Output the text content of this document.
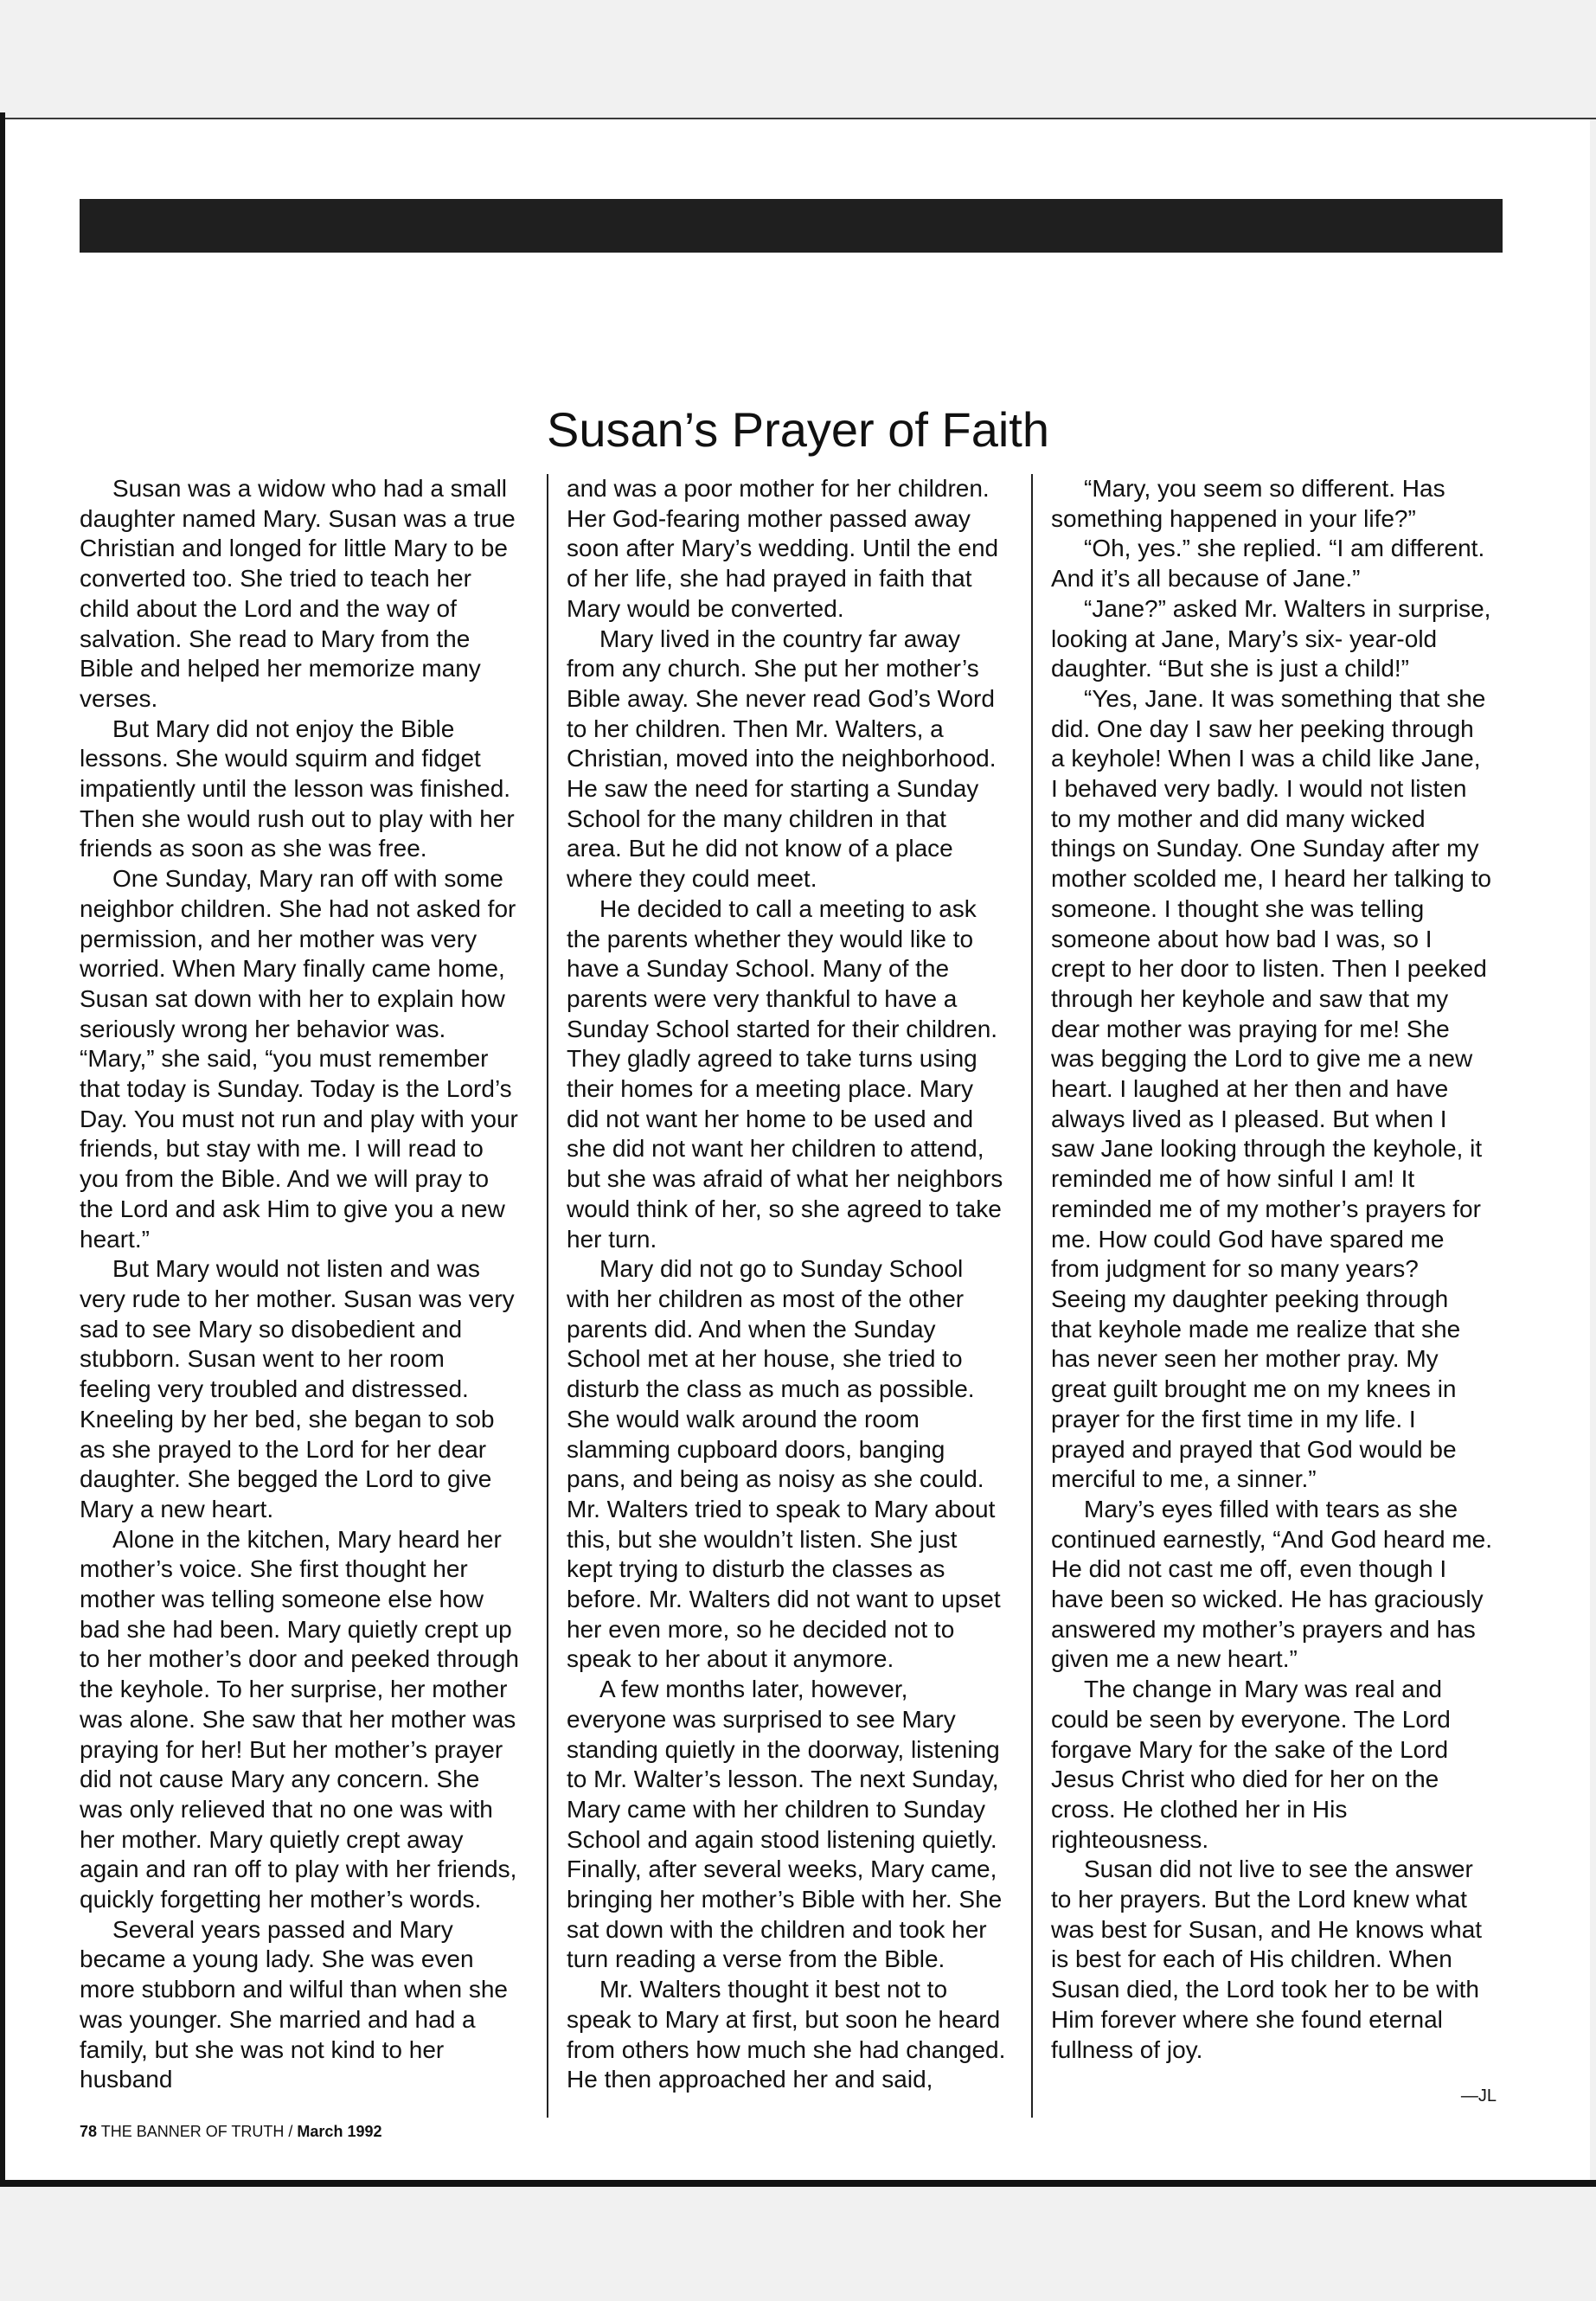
Susan’s Prayer of Faith

Susan was a widow who had a small daughter named Mary. Susan was a true Christian and longed for little Mary to be converted too. She tried to teach her child about the Lord and the way of salvation. She read to Mary from the Bible and helped her memorize many verses.

But Mary did not enjoy the Bible lessons. She would squirm and fidget impatiently until the lesson was finished. Then she would rush out to play with her friends as soon as she was free.

One Sunday, Mary ran off with some neighbor children. She had not asked for permission, and her mother was very worried. When Mary finally came home, Susan sat down with her to explain how seriously wrong her behavior was. “Mary,” she said, “you must remember that today is Sunday. Today is the Lord’s Day. You must not run and play with your friends, but stay with me. I will read to you from the Bible. And we will pray to the Lord and ask Him to give you a new heart.”

But Mary would not listen and was very rude to her mother. Susan was very sad to see Mary so disobedient and stubborn. Susan went to her room feeling very troubled and distressed. Kneeling by her bed, she began to sob as she prayed to the Lord for her dear daughter. She begged the Lord to give Mary a new heart.

Alone in the kitchen, Mary heard her mother’s voice. She first thought her mother was telling someone else how bad she had been. Mary quietly crept up to her mother’s door and peeked through the keyhole. To her surprise, her mother was alone. She saw that her mother was praying for her! But her mother’s prayer did not cause Mary any concern. She was only relieved that no one was with her mother. Mary quietly crept away again and ran off to play with her friends, quickly forgetting her mother’s words.

Several years passed and Mary became a young lady. She was even more stubborn and wilful than when she was younger. She married and had a family, but she was not kind to her husband

and was a poor mother for her children. Her God-fearing mother passed away soon after Mary’s wedding. Until the end of her life, she had prayed in faith that Mary would be converted.

Mary lived in the country far away from any church. She put her mother’s Bible away. She never read God’s Word to her children. Then Mr. Walters, a Christian, moved into the neighborhood. He saw the need for starting a Sunday School for the many children in that area. But he did not know of a place where they could meet.

He decided to call a meeting to ask the parents whether they would like to have a Sunday School. Many of the parents were very thankful to have a Sunday School started for their children. They gladly agreed to take turns using their homes for a meeting place. Mary did not want her home to be used and she did not want her children to attend, but she was afraid of what her neighbors would think of her, so she agreed to take her turn.

Mary did not go to Sunday School with her children as most of the other parents did. And when the Sunday School met at her house, she tried to disturb the class as much as possible. She would walk around the room slamming cupboard doors, banging pans, and being as noisy as she could. Mr. Walters tried to speak to Mary about this, but she wouldn’t listen. She just kept trying to disturb the classes as before. Mr. Walters did not want to upset her even more, so he decided not to speak to her about it anymore.

A few months later, however, everyone was surprised to see Mary standing quietly in the doorway, listening to Mr. Walter’s lesson. The next Sunday, Mary came with her children to Sunday School and again stood listening quietly. Finally, after several weeks, Mary came, bringing her mother’s Bible with her. She sat down with the children and took her turn reading a verse from the Bible.

Mr. Walters thought it best not to speak to Mary at first, but soon he heard from others how much she had changed. He then approached her and said,

“Mary, you seem so different. Has something happened in your life?”

“Oh, yes.” she replied. “I am different. And it’s all because of Jane.”

“Jane?” asked Mr. Walters in surprise, looking at Jane, Mary’s six- year-old daughter. “But she is just a child!”

“Yes, Jane. It was something that she did. One day I saw her peeking through a keyhole! When I was a child like Jane, I behaved very badly. I would not listen to my mother and did many wicked things on Sunday. One Sunday after my mother scolded me, I heard her talking to someone. I thought she was telling someone about how bad I was, so I crept to her door to listen. Then I peeked through her keyhole and saw that my dear mother was praying for me! She was begging the Lord to give me a new heart. I laughed at her then and have always lived as I pleased. But when I saw Jane looking through the keyhole, it reminded me of how sinful I am! It reminded me of my mother’s prayers for me. How could God have spared me from judgment for so many years? Seeing my daughter peeking through that keyhole made me realize that she has never seen her mother pray. My great guilt brought me on my knees in prayer for the first time in my life. I prayed and prayed that God would be merciful to me, a sinner.”

Mary’s eyes filled with tears as she continued earnestly, “And God heard me. He did not cast me off, even though I have been so wicked. He has graciously answered my mother’s prayers and has given me a new heart.”

The change in Mary was real and could be seen by everyone. The Lord forgave Mary for the sake of the Lord Jesus Christ who died for her on the cross. He clothed her in His righteousness.

Susan did not live to see the answer to her prayers. But the Lord knew what was best for Susan, and He knows what is best for each of His children. When Susan died, the Lord took her to be with Him forever where she found eternal fullness of joy.

—JL
78 THE BANNER OF TRUTH / March 1992
